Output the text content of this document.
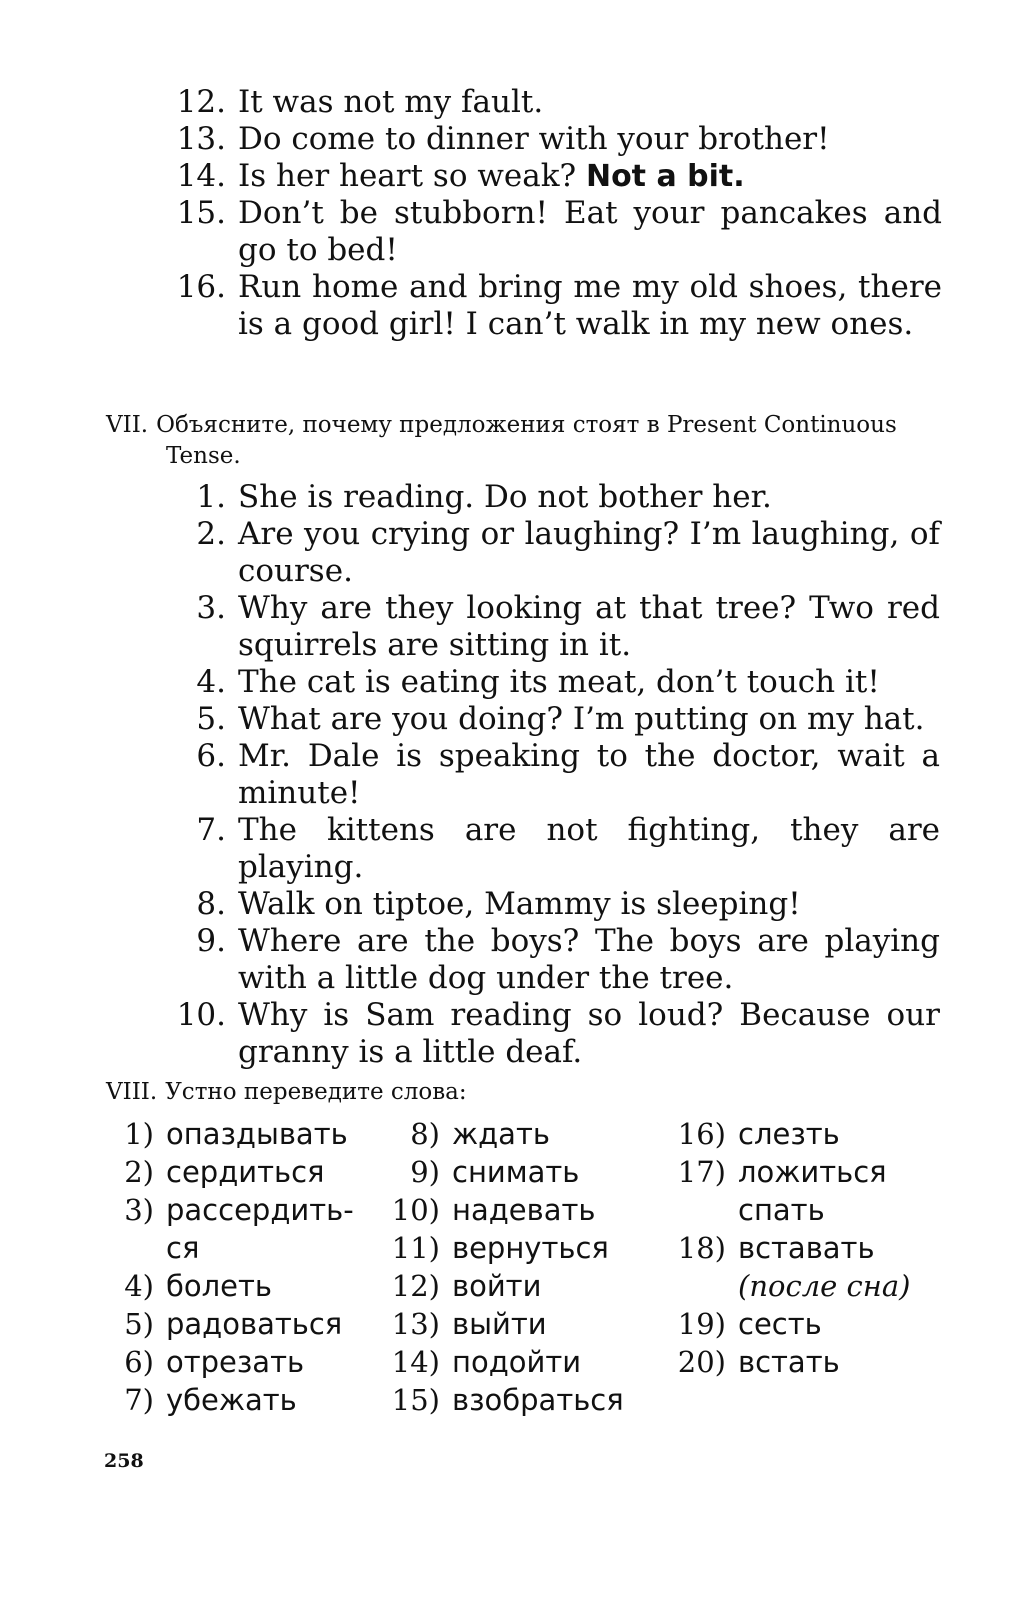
12. It was not my fault.
13. Do come to dinner with your brother!
14. Is her heart so weak? Not a bit.
15. Don’t be stubborn! Eat your pancakes and go to bed!
16. Run home and bring me my old shoes, there is a good girl! I can’t walk in my new ones.
VII. Объясните, почему предложения стоят в Present Continuous
Tense.
1. She is reading. Do not bother her.
2. Are you crying or laughing? I’m laughing, of course.
3. Why are they looking at that tree? Two red squirrels are sitting in it.
4. The cat is eating its meat, don’t touch it!
5. What are you doing? I’m putting on my hat.
6. Mr. Dale is speaking to the doctor, wait a minute!
7. The kittens are not fighting, they are playing.
8. Walk on tiptoe, Mammy is sleeping!
9. Where are the boys? The boys are playing with a little dog under the tree.
10. Why is Sam reading so loud? Because our granny is a little deaf.
VIII. Устно переведите слова:
1) опаздывать
2) сердиться
3) рассердить-ся
4) болеть
5) радоваться
6) отрезать
7) убежать
8) ждать
9) снимать
10) надевать
11) вернуться
12) войти
13) выйти
14) подойти
15) взобраться
16) слезть
17) ложиться спать
18) вставать
(после сна)
19) сесть
20) встать
258
